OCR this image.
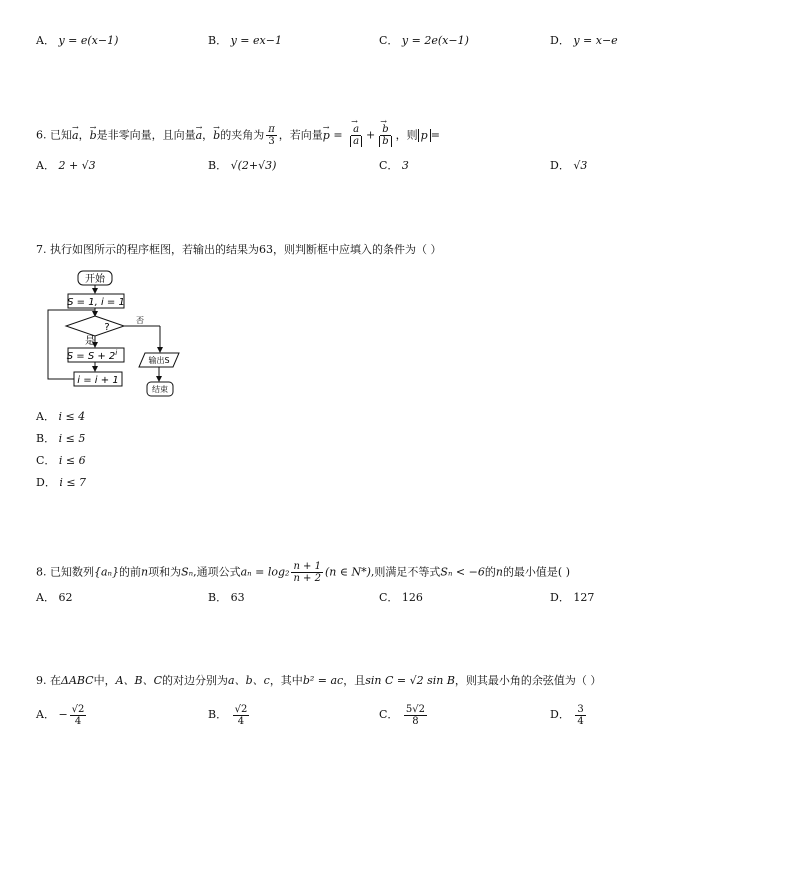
A． y = e(x−1)	B． y = ex−1	C． y = 2e(x−1)	D． y = x−e
6. 已知→ a，→ b是非零向量，且向量→ a，→ b的夹角为 $\frac{\pi}{3}$ ，若向量→ p = → $\frac{a}{a}$ + → $\frac{b}{b}$ ，则 p =
A． 2 + √3	B． √(2+√3)	C． 3	D． √3
7. 执行如图所示的程序框图，若输出的结果为63，则判断框中应填入的条件为（ ）
开始
S = 1, i = 1
?
否
是
$S = S + 2^i$
i = i + 1
输出S
结束
A． i ≤ 4
B． i ≤ 5
C． i ≤ 6
D． i ≤ 7
8. 已知数列{aₙ}的前n项和为Sₙ,通项公式$a_n = \log_2 \frac{n + 1}{n + 2} (n$ ∈ N*),则满足不等式Sₙ < −6的n的最小值是( )
A． 62	B． 63	C． 126	D． 127
9. 在ΔABC中，A、B、C的对边分别为a、b、c，其中b² = ac，且sin C = √2 sin B，则其最小角的余弦值为（ ）
A． − $\frac{√2}{4}$	B． $\frac{√2}{4}$	C． $\frac{5√2}{8}$	D． $\frac{3}{4}$
